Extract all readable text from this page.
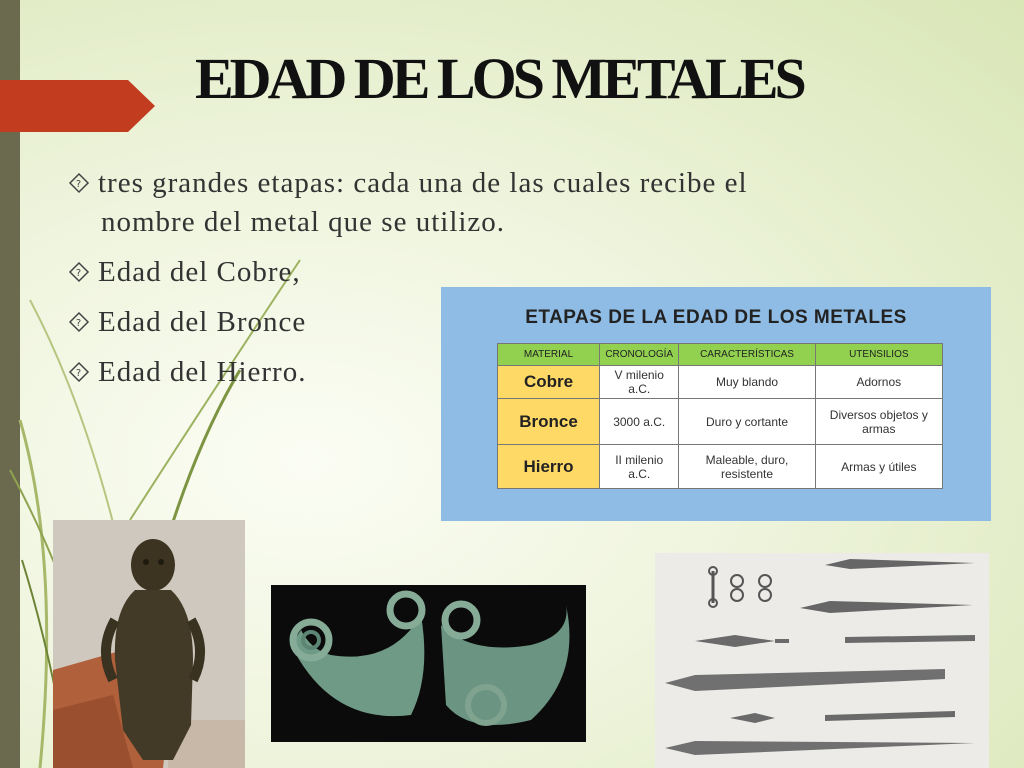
EDAD DE LOS METALES
? tres grandes etapas: cada una de las cuales recibe el
nombre del metal que se utilizo.
? Edad del Cobre,
? Edad del Bronce
? Edad del Hierro.
ETAPAS DE LA EDAD DE LOS METALES
MATERIAL	CRONOLOGÍA	CARACTERÍSTICAS	UTENSILIOS
Cobre	V milenio a.C.	Muy blando	Adornos
Bronce	3000 a.C.	Duro y cortante	Diversos objetos y armas
Hierro	II milenio a.C.	Maleable, duro, resistente	Armas y útiles
